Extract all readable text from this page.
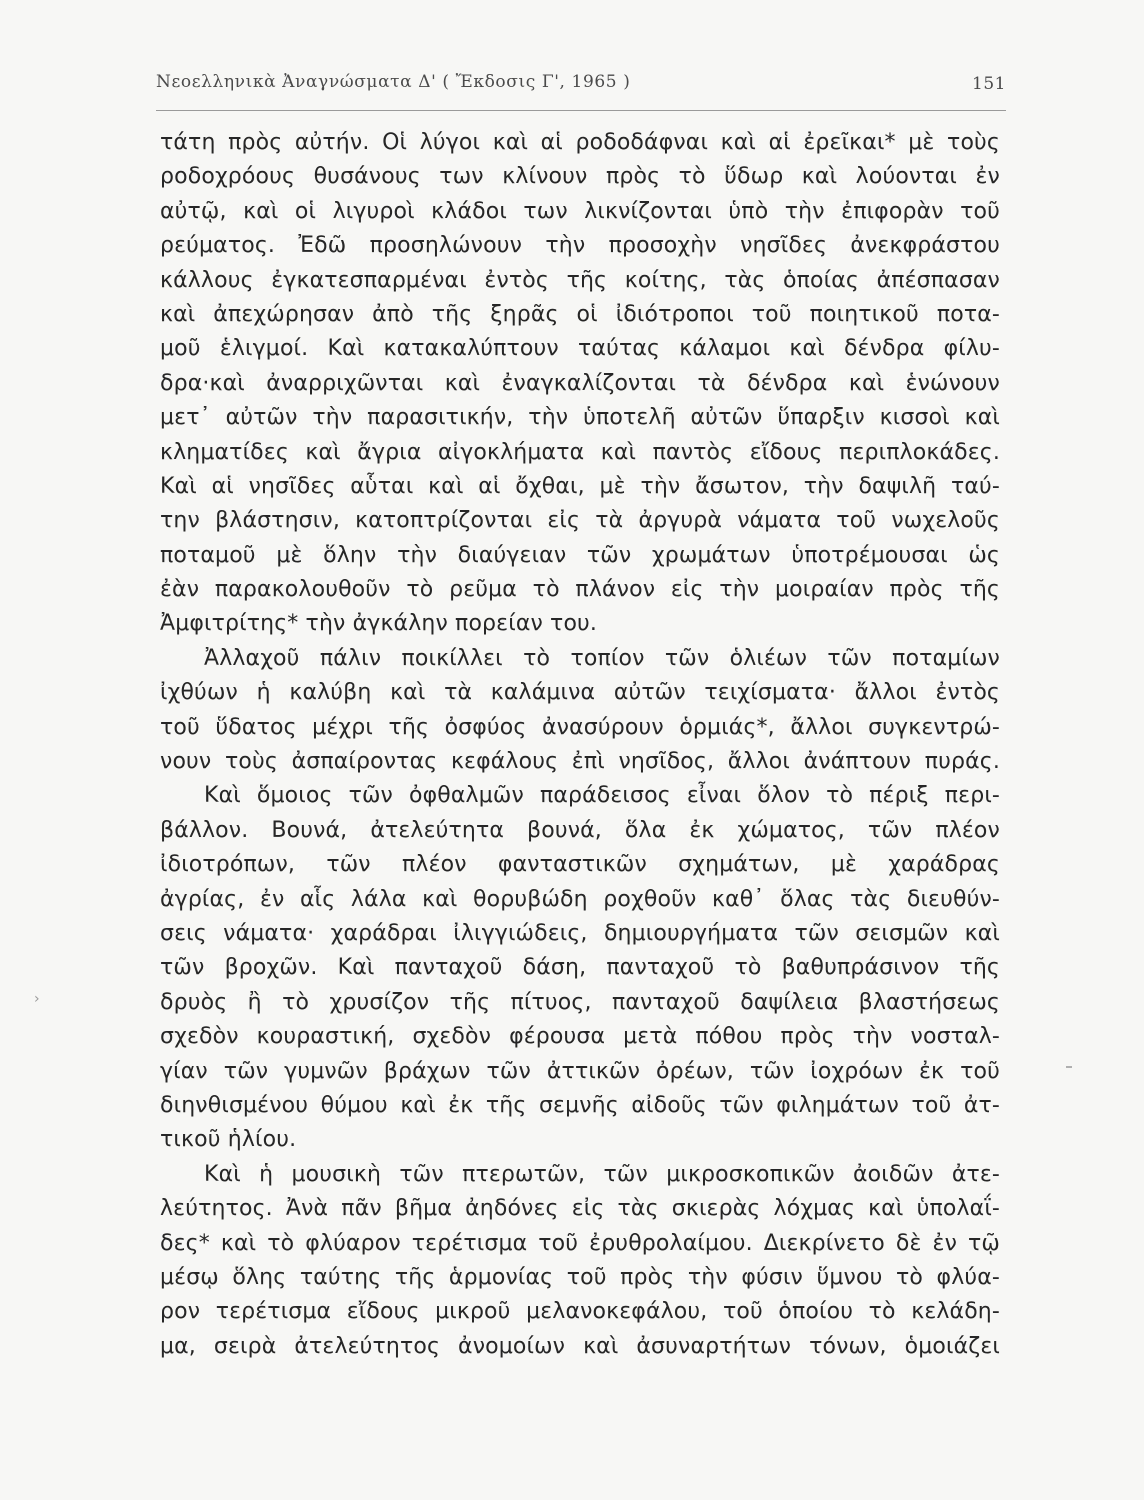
Νεοελληνικὰ Ἀναγνώσματα Δ' ( Ἔκδοσις Γ', 1965 )	151
τάτη πρὸς αὐτήν. Οἱ λύγοι καὶ αἱ ροδοδάφναι καὶ αἱ ἐρεῖκαι* μὲ τοὺς
ροδοχρόους θυσάνους των κλίνουν πρὸς τὸ ὕδωρ καὶ λούονται ἐν
αὐτῷ, καὶ οἱ λιγυροὶ κλάδοι των λικνίζονται ὑπὸ τὴν ἐπιφορὰν τοῦ
ρεύματος. Ἐδῶ προσηλώνουν τὴν προσοχὴν νησῖδες ἀνεκφράστου
κάλλους ἐγκατεσπαρμέναι ἐντὸς τῆς κοίτης, τὰς ὁποίας ἀπέσπασαν
καὶ ἀπεχώρησαν ἀπὸ τῆς ξηρᾶς οἱ ἰδιότροποι τοῦ ποιητικοῦ ποτα-
μοῦ ἑλιγμοί. Καὶ κατακαλύπτουν ταύτας κάλαμοι καὶ δένδρα φίλυ-
δρα·καὶ ἀναρριχῶνται καὶ ἐναγκαλίζονται τὰ δένδρα καὶ ἑνώνουν
μετ᾽ αὐτῶν τὴν παρασιτικήν, τὴν ὑποτελῆ αὐτῶν ὕπαρξιν κισσοὶ καὶ
κληματίδες καὶ ἄγρια αἰγοκλήματα καὶ παντὸς εἴδους περιπλοκάδες.
Καὶ αἱ νησῖδες αὗται καὶ αἱ ὄχθαι, μὲ τὴν ἄσωτον, τὴν δαψιλῆ ταύ-
την βλάστησιν, κατοπτρίζονται εἰς τὰ ἀργυρὰ νάματα τοῦ νωχελοῦς
ποταμοῦ μὲ ὅλην τὴν διαύγειαν τῶν χρωμάτων ὑποτρέμουσαι ὡς
ἐὰν παρακολουθοῦν τὸ ρεῦμα τὸ πλάνον εἰς τὴν μοιραίαν πρὸς τῆς
Ἀμφιτρίτης* τὴν ἀγκάλην πορείαν του.
Ἀλλαχοῦ πάλιν ποικίλλει τὸ τοπίον τῶν ὁλιέων τῶν ποταμίων
ἰχθύων ἡ καλύβη καὶ τὰ καλάμινα αὐτῶν τειχίσματα· ἄλλοι ἐντὸς
τοῦ ὕδατος μέχρι τῆς ὀσφύος ἀνασύρουν ὁρμιάς*, ἄλλοι συγκεντρώ-
νουν τοὺς ἀσπαίροντας κεφάλους ἐπὶ νησῖδος, ἄλλοι ἀνάπτουν πυράς.
Καὶ ὅμοιος τῶν ὀφθαλμῶν παράδεισος εἶναι ὅλον τὸ πέριξ περι-
βάλλον. Βουνά, ἀτελεύτητα βουνά, ὅλα ἐκ χώματος, τῶν πλέον
ἰδιοτρόπων, τῶν πλέον φανταστικῶν σχημάτων, μὲ χαράδρας
ἀγρίας, ἐν αἷς λάλα καὶ θορυβώδη ροχθοῦν καθ᾽ ὅλας τὰς διευθύν-
σεις νάματα· χαράδραι ἰλιγγιώδεις, δημιουργήματα τῶν σεισμῶν καὶ
τῶν βροχῶν. Καὶ πανταχοῦ δάση, πανταχοῦ τὸ βαθυπράσινον τῆς
δρυὸς ἢ τὸ χρυσίζον τῆς πίτυος, πανταχοῦ δαψίλεια βλαστήσεως
σχεδὸν κουραστική, σχεδὸν φέρουσα μετὰ πόθου πρὸς τὴν νοσταλ-
γίαν τῶν γυμνῶν βράχων τῶν ἀττικῶν ὀρέων, τῶν ἰοχρόων ἐκ τοῦ
διηνθισμένου θύμου καὶ ἐκ τῆς σεμνῆς αἰδοῦς τῶν φιλημάτων τοῦ ἀτ-
τικοῦ ἡλίου.
Καὶ ἡ μουσικὴ τῶν πτερωτῶν, τῶν μικροσκοπικῶν ἀοιδῶν ἀτε-
λεύτητος. Ἀνὰ πᾶν βῆμα ἀηδόνες εἰς τὰς σκιερὰς λόχμας καὶ ὑπολαΐ-
δες* καὶ τὸ φλύαρον τερέτισμα τοῦ ἐρυθρολαίμου. Διεκρίνετο δὲ ἐν τῷ
μέσῳ ὅλης ταύτης τῆς ἁρμονίας τοῦ πρὸς τὴν φύσιν ὕμνου τὸ φλύα-
ρον τερέτισμα εἴδους μικροῦ μελανοκεφάλου, τοῦ ὁποίου τὸ κελάδη-
μα, σειρὰ ἀτελεύτητος ἀνομοίων καὶ ἀσυναρτήτων τόνων, ὁμοιάζει
›
